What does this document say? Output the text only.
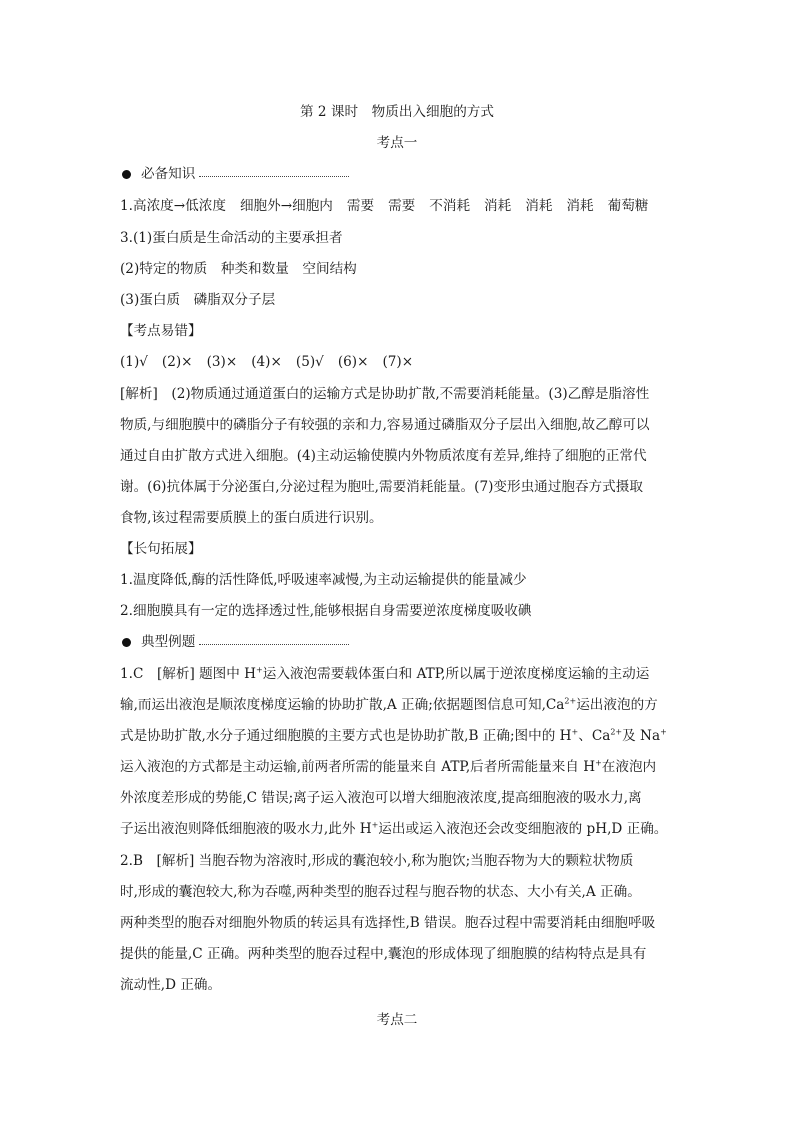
第 2 课时　物质出入细胞的方式
考点一
必备知识
1.高浓度→低浓度 细胞外→细胞内 需要 需要 不消耗 消耗 消耗 消耗 葡萄糖
3.(1)蛋白质是生命活动的主要承担者
(2)特定的物质　种类和数量　空间结构
(3)蛋白质　磷脂双分子层
【考点易错】
(1)√ (2)× (3)× (4)× (5)√ (6)× (7)×
[解析]　(2)物质通过通道蛋白的运输方式是协助扩散,不需要消耗能量。(3)乙醇是脂溶性
物质,与细胞膜中的磷脂分子有较强的亲和力,容易通过磷脂双分子层出入细胞,故乙醇可以
通过自由扩散方式进入细胞。(4)主动运输使膜内外物质浓度有差异,维持了细胞的正常代
谢。(6)抗体属于分泌蛋白,分泌过程为胞吐,需要消耗能量。(7)变形虫通过胞吞方式摄取
食物,该过程需要质膜上的蛋白质进行识别。
【长句拓展】
1.温度降低,酶的活性降低,呼吸速率减慢,为主动运输提供的能量减少
2.细胞膜具有一定的选择透过性,能够根据自身需要逆浓度梯度吸收碘
典型例题
1.C　[解析] 题图中 H+运入液泡需要载体蛋白和 ATP,所以属于逆浓度梯度运输的主动运
输,而运出液泡是顺浓度梯度运输的协助扩散,A 正确;依据题图信息可知$,Ca^{2+}$运出液泡的方
式是协助扩散,水分子通过细胞膜的主要方式也是协助扩散,B 正确;图中的 H+、$Ca^{2+}$及 Na+
运入液泡的方式都是主动运输,前两者所需的能量来自 ATP,后者所需能量来自 H+在液泡内
外浓度差形成的势能,C 错误;离子运入液泡可以增大细胞液浓度,提高细胞液的吸水力,离
子运出液泡则降低细胞液的吸水力,此外 H+运出或运入液泡还会改变细胞液的 pH,D 正确。
2.B　[解析] 当胞吞物为溶液时,形成的囊泡较小,称为胞饮;当胞吞物为大的颗粒状物质
时,形成的囊泡较大,称为吞噬,两种类型的胞吞过程与胞吞物的状态、大小有关,A 正确。
两种类型的胞吞对细胞外物质的转运具有选择性,B 错误。胞吞过程中需要消耗由细胞呼吸
提供的能量,C 正确。两种类型的胞吞过程中,囊泡的形成体现了细胞膜的结构特点是具有
流动性,D 正确。
考点二
